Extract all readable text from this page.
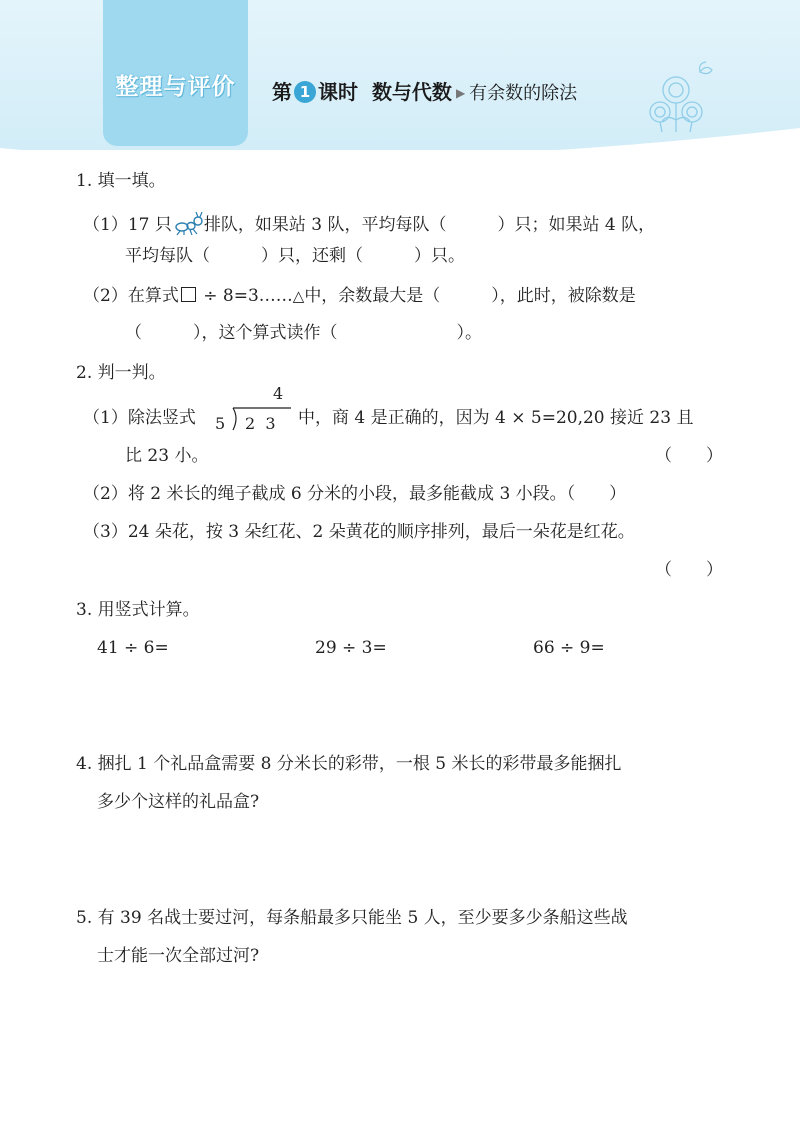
整理与评价	第 1 课时 数与代数 ▶ 有余数的除法
1. 填一填。
（1）17 只 排队，如果站 3 队，平均每队（　　　）只；如果站 4 队，
平均每队（　　　）只，还剩（　　　）只。
（2）在算式 ÷ 8=3……△中，余数最大是（　　　），此时，被除数是
（　　　），这个算式读作（　　　　　　　）。
2. 判一判。
（1）除法竖式
4
5 2  3 中，商 4 是正确的，因为 4 × 5=20,20 接近 23 且
比 23 小。	（　　）
（2）将 2 米长的绳子截成 6 分米的小段，最多能截成 3 小段。（　　）
（3）24 朵花，按 3 朵红花、2 朵黄花的顺序排列，最后一朵花是红花。
（　　）
3. 用竖式计算。
41 ÷ 6=	29 ÷ 3=	66 ÷ 9=
4. 捆扎 1 个礼品盒需要 8 分米长的彩带，一根 5 米长的彩带最多能捆扎
多少个这样的礼品盒?
5. 有 39 名战士要过河，每条船最多只能坐 5 人，至少要多少条船这些战
士才能一次全部过河?
